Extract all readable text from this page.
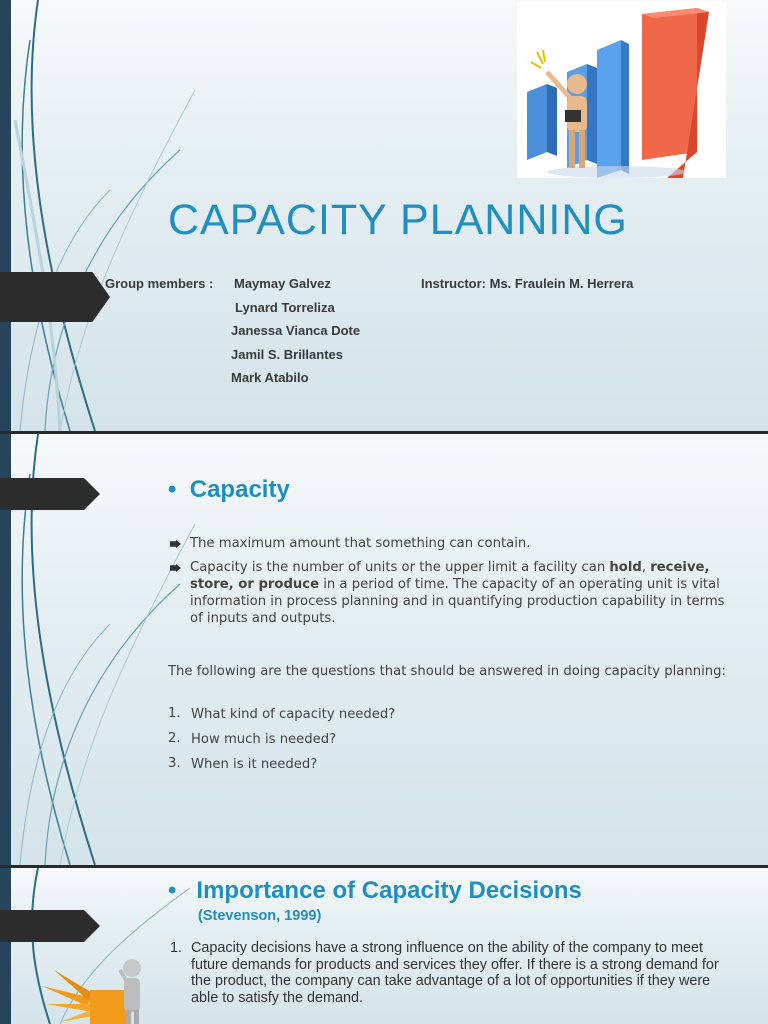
CAPACITY PLANNING
Group members : Maymay Galvez
Lynard Torreliza
Janessa Vianca Dote
Jamil S. Brillantes
Mark Atabilo
Instructor: Ms. Fraulein M. Herrera
• Capacity
The maximum amount that something can contain.
Capacity is the number of units or the upper limit a facility can hold, receive, store, or produce in a period of time. The capacity of an operating unit is vital information in process planning and in quantifying production capability in terms of inputs and outputs.
The following are the questions that should be answered in doing capacity planning:
1. What kind of capacity needed?
2. How much is needed?
3. When is it needed?
• Importance of Capacity Decisions
(Stevenson, 1999)
1. Capacity decisions have a strong influence on the ability of the company to meet future demands for products and services they offer. If there is a strong demand for the product, the company can take advantage of a lot of opportunities if they were able to satisfy the demand.
